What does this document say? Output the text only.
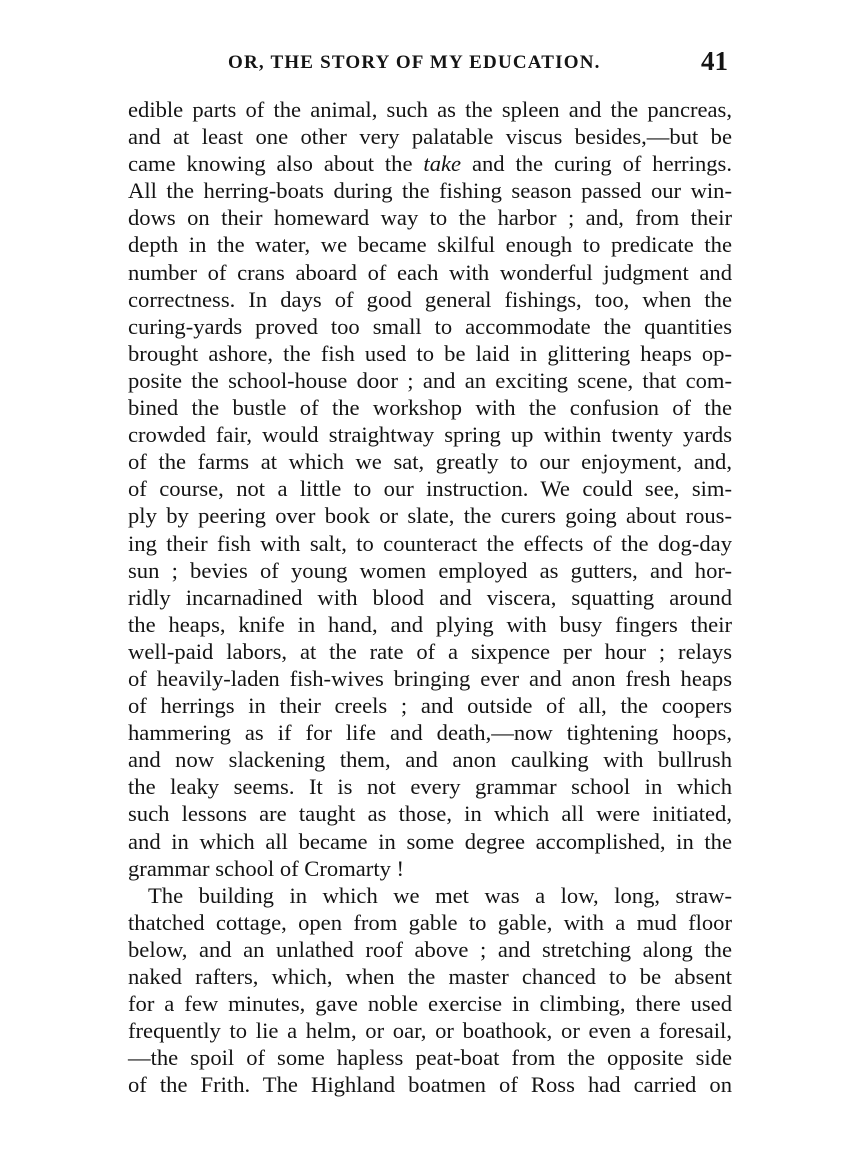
OR, THE STORY OF MY EDUCATION.	41
edible parts of the animal, such as the spleen and the pancreas,
and at least one other very palatable viscus besides,—but be
came knowing also about the take and the curing of herrings.
All the herring-boats during the fishing season passed our win-
dows on their homeward way to the harbor ; and, from their
depth in the water, we became skilful enough to predicate the
number of crans aboard of each with wonderful judgment and
correctness. In days of good general fishings, too, when the
curing-yards proved too small to accommodate the quantities
brought ashore, the fish used to be laid in glittering heaps op-
posite the school-house door ; and an exciting scene, that com-
bined the bustle of the workshop with the confusion of the
crowded fair, would straightway spring up within twenty yards
of the farms at which we sat, greatly to our enjoyment, and,
of course, not a little to our instruction. We could see, sim-
ply by peering over book or slate, the curers going about rous-
ing their fish with salt, to counteract the effects of the dog-day
sun ; bevies of young women employed as gutters, and hor-
ridly incarnadined with blood and viscera, squatting around
the heaps, knife in hand, and plying with busy fingers their
well-paid labors, at the rate of a sixpence per hour ; relays
of heavily-laden fish-wives bringing ever and anon fresh heaps
of herrings in their creels ; and outside of all, the coopers
hammering as if for life and death,—now tightening hoops,
and now slackening them, and anon caulking with bullrush
the leaky seems. It is not every grammar school in which
such lessons are taught as those, in which all were initiated,
and in which all became in some degree accomplished, in the
grammar school of Cromarty !
The building in which we met was a low, long, straw-
thatched cottage, open from gable to gable, with a mud floor
below, and an unlathed roof above ; and stretching along the
naked rafters, which, when the master chanced to be absent
for a few minutes, gave noble exercise in climbing, there used
frequently to lie a helm, or oar, or boathook, or even a foresail,
—the spoil of some hapless peat-boat from the opposite side
of the Frith. The Highland boatmen of Ross had carried on
